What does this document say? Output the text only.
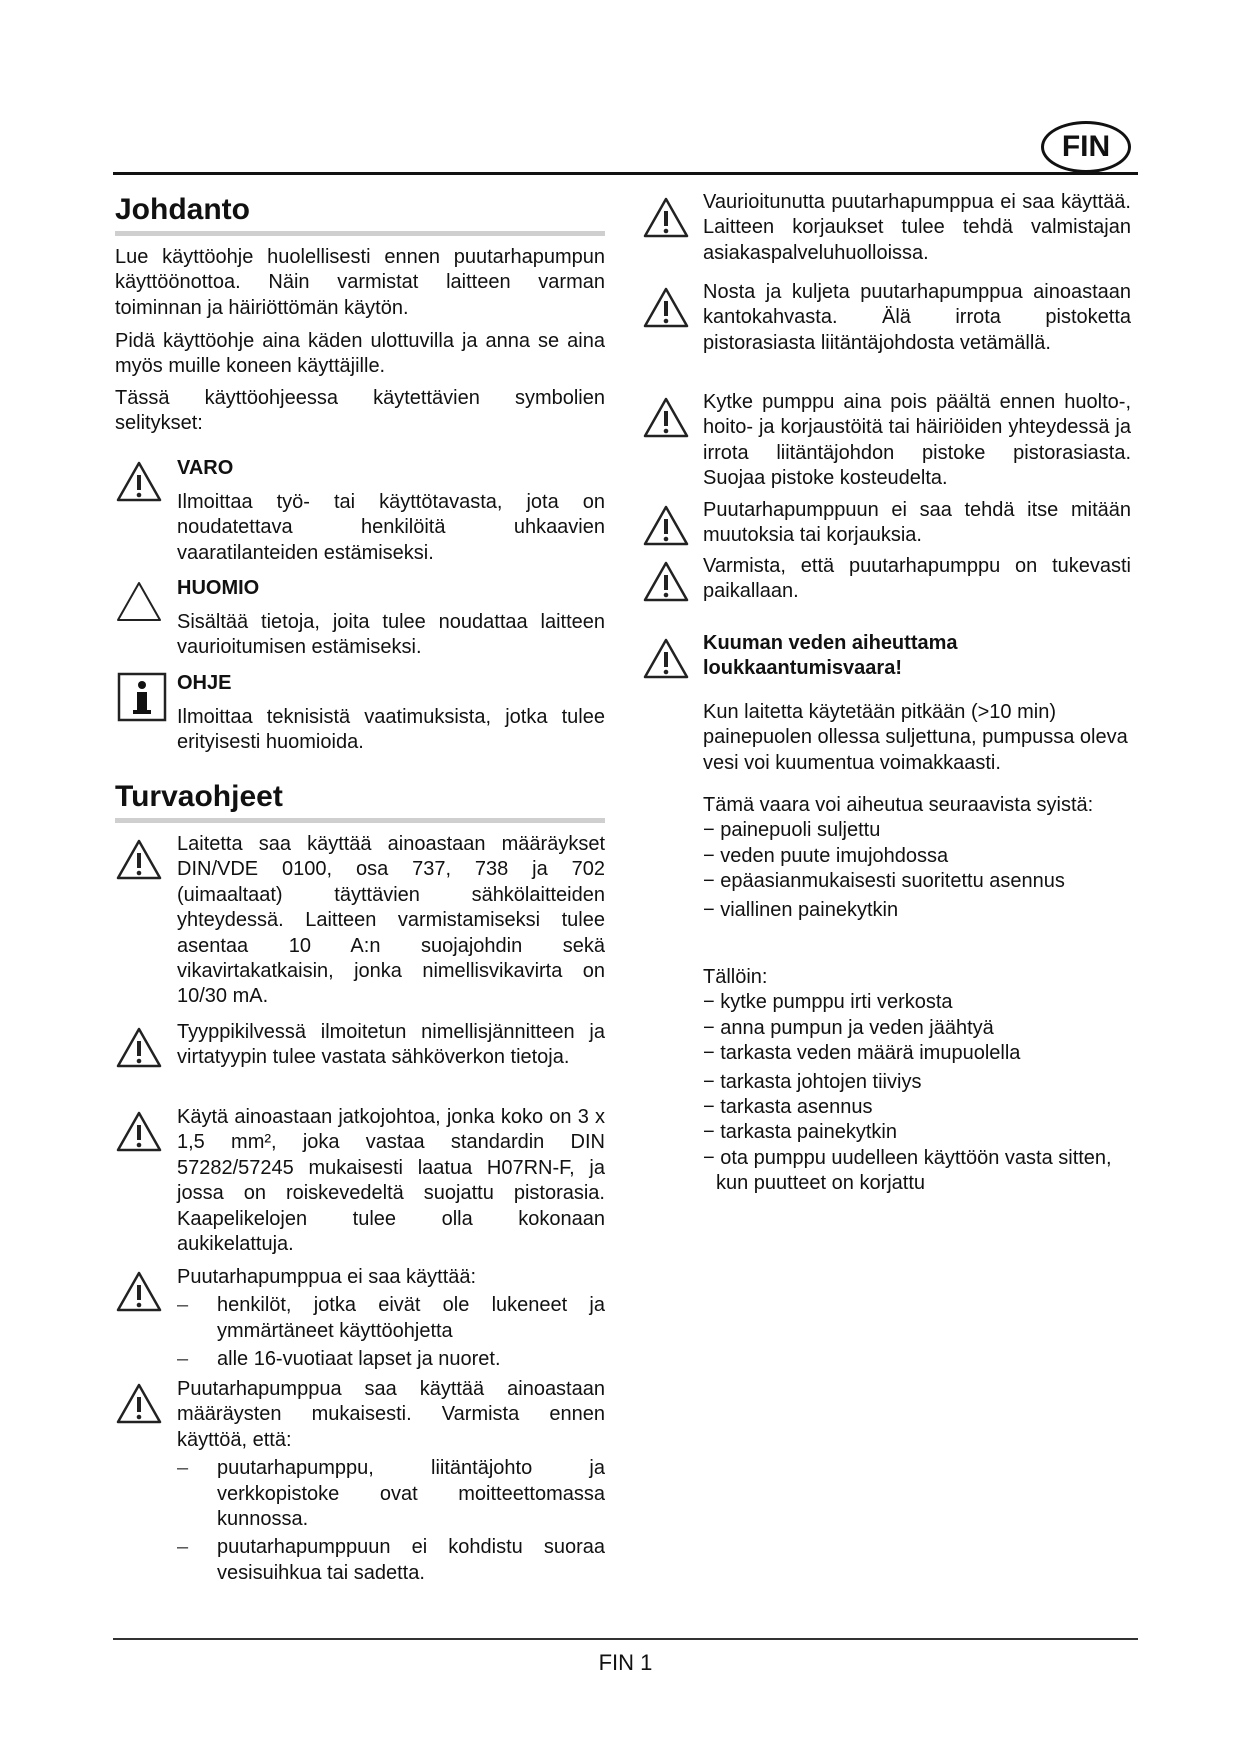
FIN
Johdanto

Lue käyttöohje huolellisesti ennen puutarhapumpun käyttöönottoa. Näin varmistat laitteen varman toiminnan ja häiriöttömän käytön.

Pidä käyttöohje aina käden ulottuvilla ja anna se aina myös muille koneen käyttäjille.

Tässä käyttöohjeessa käytettävien symbolien selitykset:

VARO

Ilmoittaa työ- tai käyttötavasta, jota on noudatettava henkilöitä uhkaavien vaaratilanteiden estämiseksi.

HUOMIO

Sisältää tietoja, joita tulee noudattaa laitteen vaurioitumisen estämiseksi.

OHJE

Ilmoittaa teknisistä vaatimuksista, jotka tulee erityisesti huomioida.

Turvaohjeet

Laitetta saa käyttää ainoastaan määräykset DIN/VDE 0100, osa 737, 738 ja 702 (uimaaltaat) täyttävien sähkölaitteiden yhteydessä. Laitteen varmistamiseksi tulee asentaa 10 A:n suojajohdin sekä vikavirtakatkaisin, jonka nimellisvikavirta on 10/30 mA.

Tyyppikilvessä ilmoitetun nimellisjännitteen ja virtatyypin tulee vastata sähköverkon tietoja.

Käytä ainoastaan jatkojohtoa, jonka koko on 3 x 1,5 mm², joka vastaa standardin DIN 57282/57245 mukaisesti laatua H07RN-F, ja jossa on roiskevedeltä suojattu pistorasia. Kaapelikelojen tulee olla kokonaan aukikelattuja.

Puutarhapumppua ei saa käyttää:

– henkilöt, jotka eivät ole lukeneet ja ymmärtäneet käyttöohjetta
– alle 16-vuotiaat lapset ja nuoret.

Puutarhapumppua saa käyttää ainoastaan määräysten mukaisesti. Varmista ennen käyttöä, että:

– puutarhapumppu, liitäntäjohto ja verkkopistoke ovat moitteettomassa kunnossa.
– puutarhapumppuun ei kohdistu suoraa vesisuihkua tai sadetta.

Vaurioitunutta puutarhapumppua ei saa käyttää. Laitteen korjaukset tulee tehdä valmistajan asiakaspalveluhuolloissa.

Nosta ja kuljeta puutarhapumppua ainoastaan kantokahvasta. Älä irrota pistoketta pistorasiasta liitäntäjohdosta vetämällä.

Kytke pumppu aina pois päältä ennen huolto-, hoito- ja korjaustöitä tai häiriöiden yhteydessä ja irrota liitäntäjohdon pistoke pistorasiasta. Suojaa pistoke kosteudelta.

Puutarhapumppuun ei saa tehdä itse mitään muutoksia tai korjauksia.

Varmista, että puutarhapumppu on tukevasti paikallaan.

Kuuman veden aiheuttama loukkaantumisvaara!

Kun laitetta käytetään pitkään (>10 min) painepuolen ollessa suljettuna, pumpussa oleva vesi voi kuumentua voimakkaasti.

Tämä vaara voi aiheutua seuraavista syistä:

− painepuoli suljettu
− veden puute imujohdossa
− epäasianmukaisesti suoritettu asennus
− viallinen painekytkin

Tällöin:

− kytke pumppu irti verkosta
− anna pumpun ja veden jäähtyä
− tarkasta veden määrä imupuolella
− tarkasta johtojen tiiviys
− tarkasta asennus
− tarkasta painekytkin
− ota pumppu uudelleen käyttöön vasta sitten, kun puutteet on korjattu
FIN 1
